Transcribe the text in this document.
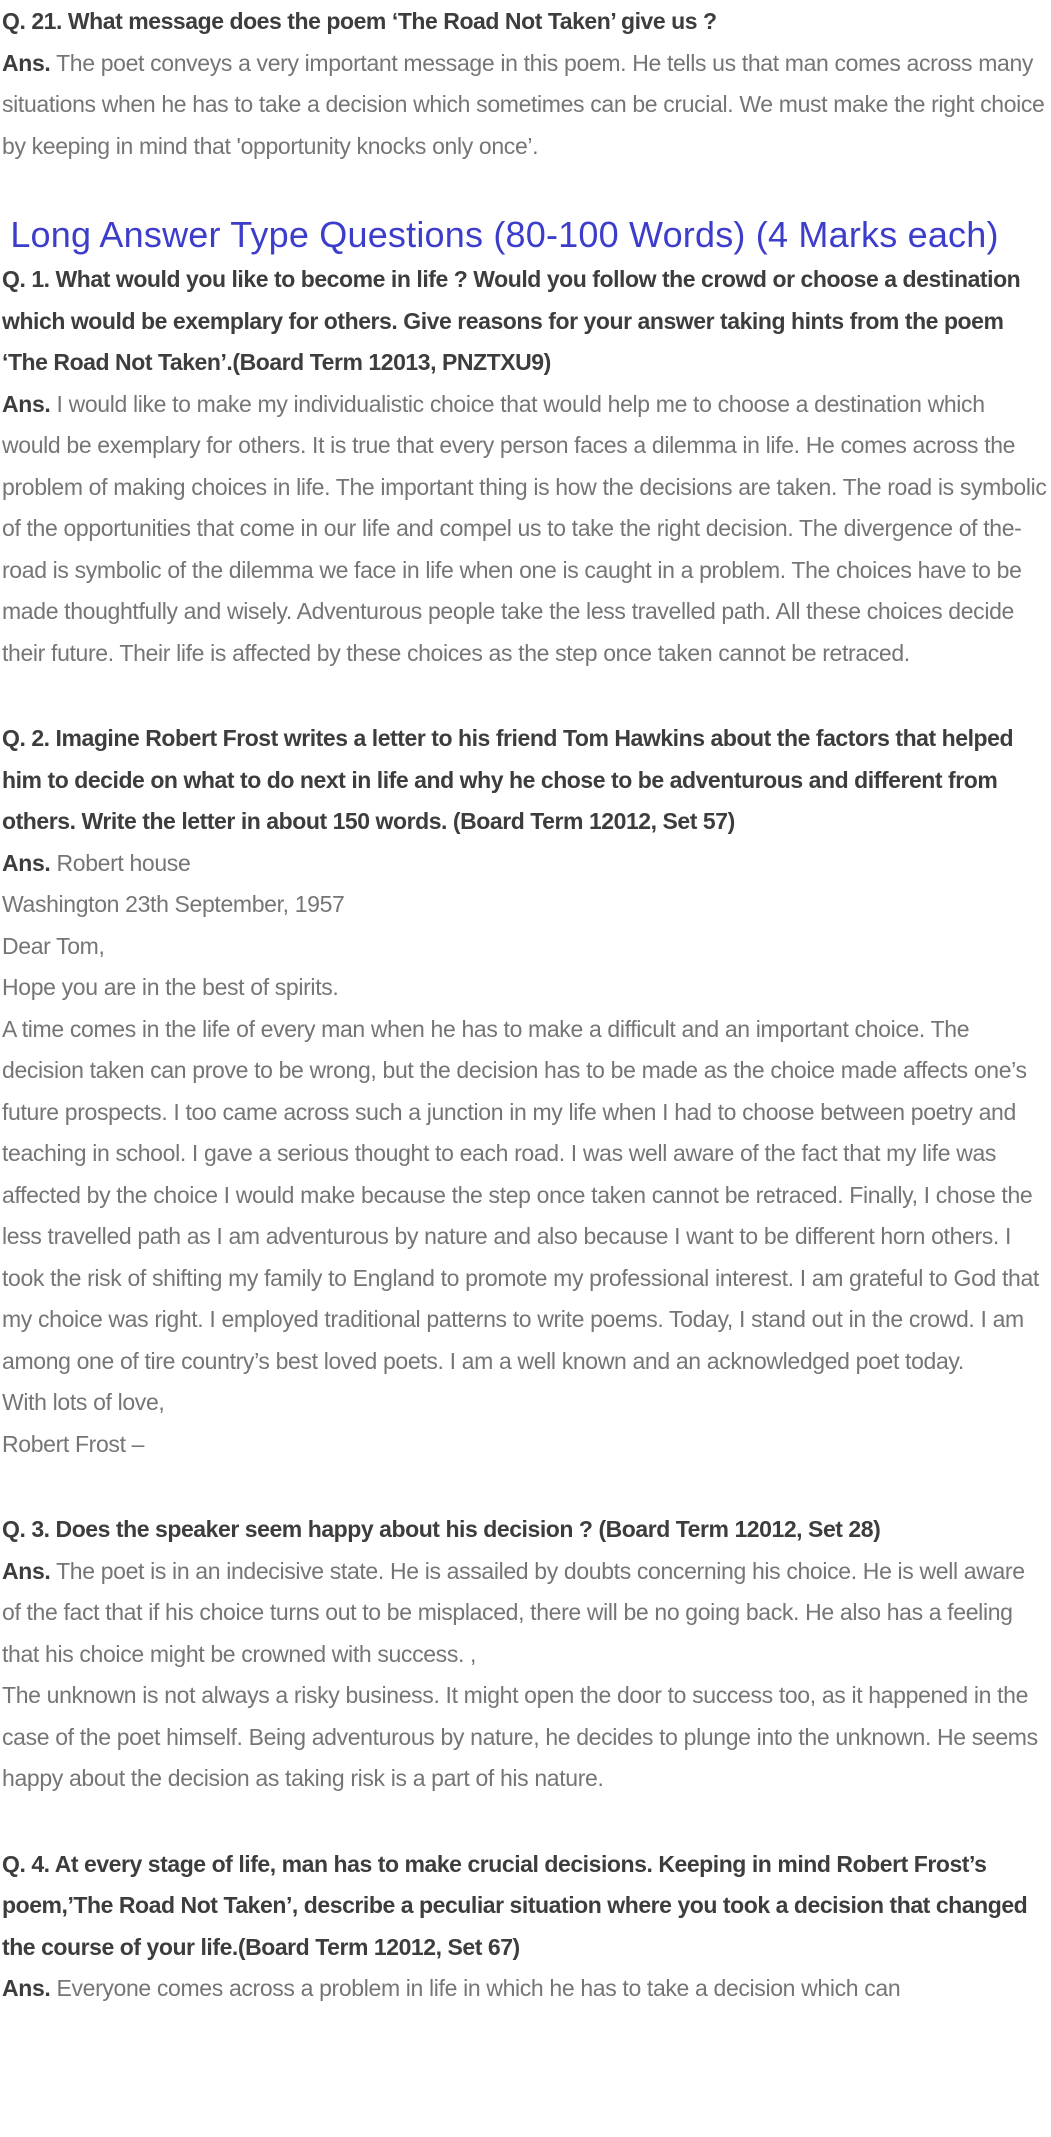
Q. 21. What message does the poem ‘The Road Not Taken’ give us ?

Ans. The poet conveys a very important message in this poem. He tells us that man comes across many situations when he has to take a decision which sometimes can be crucial. We must make the right choice by keeping in mind that 'opportunity knocks only once’.

Long Answer Type Questions (80-100 Words) (4 Marks each)

Q. 1. What would you like to become in life ? Would you follow the crowd or choose a destination which would be exemplary for others. Give reasons for your answer taking hints from the poem ‘The Road Not Taken’.(Board Term 12013, PNZTXU9)

Ans. I would like to make my individualistic choice that would help me to choose a destination which would be exemplary for others. It is true that every person faces a dilemma in life. He comes across the problem of making choices in life. The important thing is how the decisions are taken. The road is symbolic of the opportunities that come in our life and compel us to take the right decision. The divergence of the-road is symbolic of the dilemma we face in life when one is caught in a problem. The choices have to be made thoughtfully and wisely. Adventurous people take the less travelled path. All these choices decide their future. Their life is affected by these choices as the step once taken cannot be retraced.

Q. 2. Imagine Robert Frost writes a letter to his friend Tom Hawkins about the factors that helped him to decide on what to do next in life and why he chose to be adventurous and different from others. Write the letter in about 150 words. (Board Term 12012, Set 57)

Ans. Robert house

Washington 23th September, 1957

Dear Tom,

Hope you are in the best of spirits.

A time comes in the life of every man when he has to make a difficult and an important choice. The decision taken can prove to be wrong, but the decision has to be made as the choice made affects one’s future prospects. I too came across such a junction in my life when I had to choose between poetry and teaching in school. I gave a serious thought to each road. I was well aware of the fact that my life was affected by the choice I would make because the step once taken cannot be retraced. Finally, I chose the less travelled path as I am adventurous by nature and also because I want to be different horn others. I took the risk of shifting my family to England to promote my professional interest. I am grateful to God that my choice was right. I employed traditional patterns to write poems. Today, I stand out in the crowd. I am among one of tire country’s best loved poets. I am a well known and an acknowledged poet today.

With lots of love,

Robert Frost –

Q. 3. Does the speaker seem happy about his decision ? (Board Term 12012, Set 28)

Ans. The poet is in an indecisive state. He is assailed by doubts concerning his choice. He is well aware of the fact that if his choice turns out to be misplaced, there will be no going back. He also has a feeling that his choice might be crowned with success. ,

The unknown is not always a risky business. It might open the door to success too, as it happened in the case of the poet himself. Being adventurous by nature, he decides to plunge into the unknown. He seems happy about the decision as taking risk is a part of his nature.

Q. 4. At every stage of life, man has to make crucial decisions. Keeping in mind Robert Frost’s poem,’The Road Not Taken’, describe a peculiar situation where you took a decision that changed the course of your life.(Board Term 12012, Set 67)

Ans. Everyone comes across a problem in life in which he has to take a decision which can
